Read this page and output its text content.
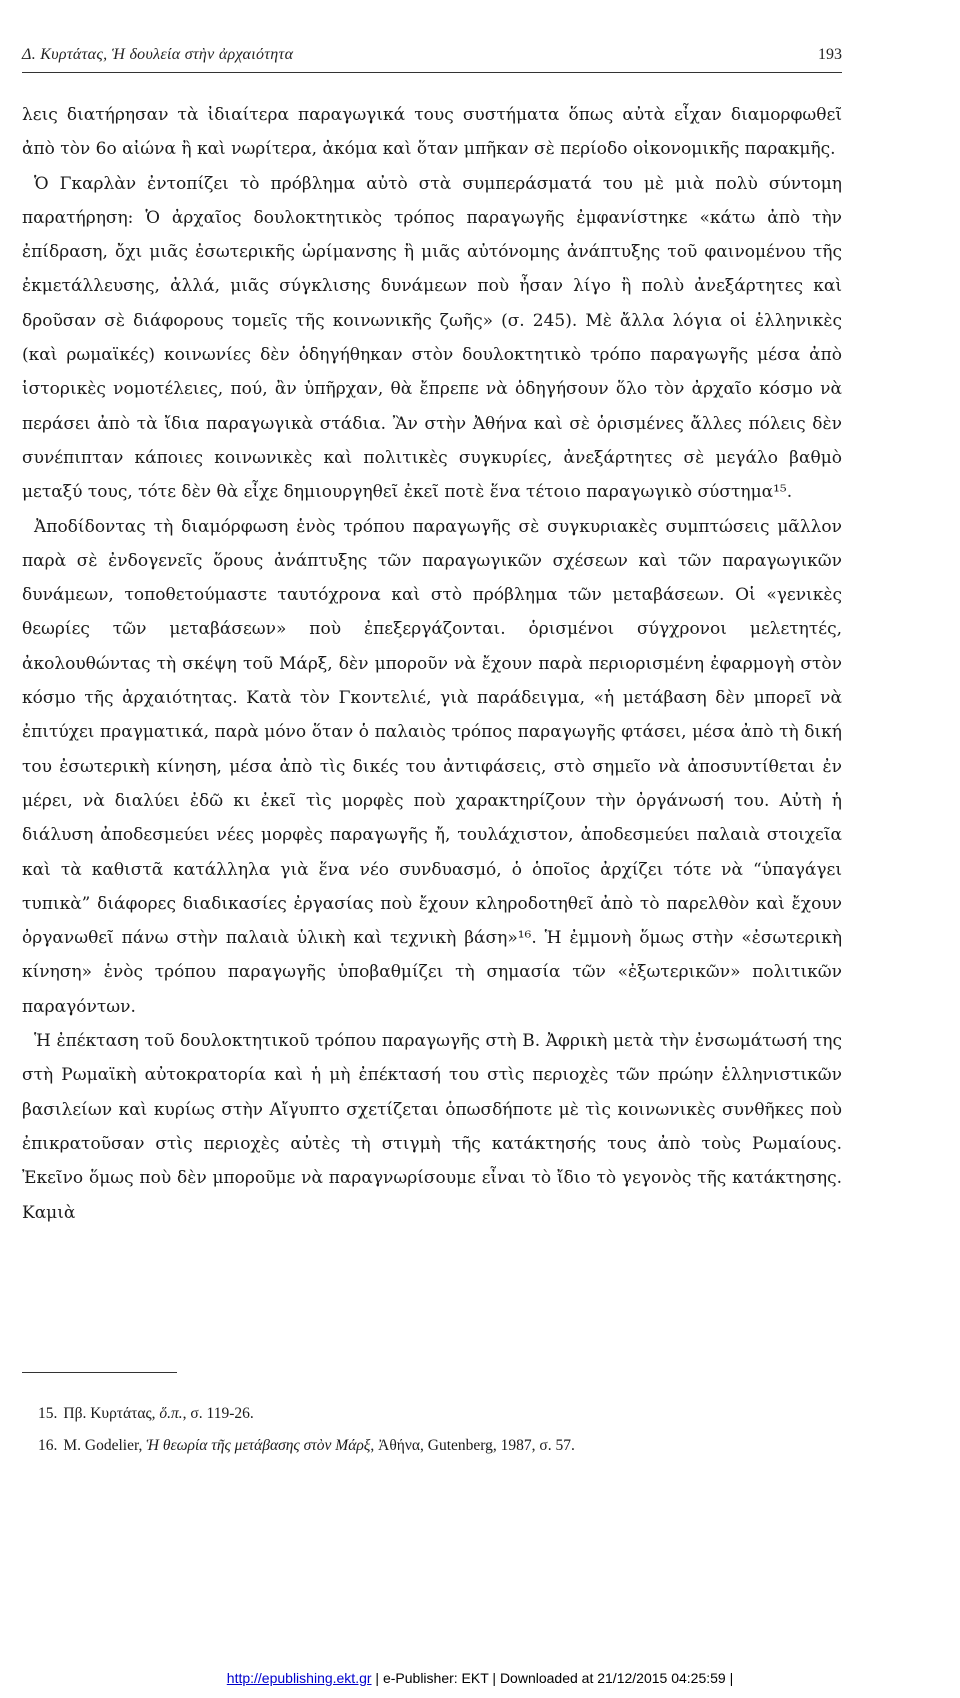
Δ. Κυρτάτας, Ἡ δουλεία στὴν ἀρχαιότητα	193

λεις διατήρησαν τὰ ἰδιαίτερα παραγωγικά τους συστήματα ὅπως αὐτὰ εἶχαν διαμορφωθεῖ ἀπὸ τὸν 6ο αἰώνα ἢ καὶ νωρίτερα, ἀκόμα καὶ ὅταν μπῆκαν σὲ περίοδο οἰκονομικῆς παρακμῆς.

Ὁ Γκαρλὰν ἐντοπίζει τὸ πρόβλημα αὐτὸ στὰ συμπεράσματά του μὲ μιὰ πολὺ σύντομη παρατήρηση: Ὁ ἀρχαῖος δουλοκτητικὸς τρόπος παραγωγῆς ἐμφανίστηκε «κάτω ἀπὸ τὴν ἐπίδραση, ὄχι μιᾶς ἐσωτερικῆς ὡρίμανσης ἢ μιᾶς αὐτόνομης ἀνάπτυξης τοῦ φαινομένου τῆς ἐκμετάλλευσης, ἀλλά, μιᾶς σύγκλισης δυνάμεων ποὺ ἦσαν λίγο ἢ πολὺ ἀνεξάρτητες καὶ δροῦσαν σὲ διάφορους τομεῖς τῆς κοινωνικῆς ζωῆς» (σ. 245). Μὲ ἄλλα λόγια οἱ ἑλληνικὲς (καὶ ρωμαϊκές) κοινωνίες δὲν ὁδηγήθηκαν στὸν δουλοκτητικὸ τρόπο παραγωγῆς μέσα ἀπὸ ἱστορικὲς νομοτέλειες, πού, ἂν ὑπῆρχαν, θὰ ἔπρεπε νὰ ὁδηγήσουν ὅλο τὸν ἀρχαῖο κόσμο νὰ περάσει ἀπὸ τὰ ἴδια παραγωγικὰ στάδια. Ἂν στὴν Ἀθήνα καὶ σὲ ὁρισμένες ἄλλες πόλεις δὲν συνέπιπταν κάποιες κοινωνικὲς καὶ πολιτικὲς συγκυρίες, ἀνεξάρτητες σὲ μεγάλο βαθμὸ μεταξύ τους, τότε δὲν θὰ εἶχε δημιουργηθεῖ ἐκεῖ ποτὲ ἕνα τέτοιο παραγωγικὸ σύστημα¹⁵.

Ἀποδίδοντας τὴ διαμόρφωση ἑνὸς τρόπου παραγωγῆς σὲ συγκυριακὲς συμπτώσεις μᾶλλον παρὰ σὲ ἐνδογενεῖς ὅρους ἀνάπτυξης τῶν παραγωγικῶν σχέσεων καὶ τῶν παραγωγικῶν δυνάμεων, τοποθετούμαστε ταυτόχρονα καὶ στὸ πρόβλημα τῶν μεταβάσεων. Οἱ «γενικὲς θεωρίες τῶν μεταβάσεων» ποὺ ἐπεξεργάζονται. ὁρισμένοι σύγχρονοι μελετητές, ἀκολουθώντας τὴ σκέψη τοῦ Μάρξ, δὲν μποροῦν νὰ ἔχουν παρὰ περιορισμένη ἐφαρμογὴ στὸν κόσμο τῆς ἀρχαιότητας. Κατὰ τὸν Γκοντελιέ, γιὰ παράδειγμα, «ἡ μετάβαση δὲν μπορεῖ νὰ ἐπιτύχει πραγματικά, παρὰ μόνο ὅταν ὁ παλαιὸς τρόπος παραγωγῆς φτάσει, μέσα ἀπὸ τὴ δική του ἐσωτερικὴ κίνηση, μέσα ἀπὸ τὶς δικές του ἀντιφάσεις, στὸ σημεῖο νὰ ἀποσυντίθεται ἐν μέρει, νὰ διαλύει ἐδῶ κι ἐκεῖ τὶς μορφὲς ποὺ χαρακτηρίζουν τὴν ὀργάνωσή του. Αὐτὴ ἡ διάλυση ἀποδεσμεύει νέες μορφὲς παραγωγῆς ἤ, τουλάχιστον, ἀποδεσμεύει παλαιὰ στοιχεῖα καὶ τὰ καθιστᾶ κατάλληλα γιὰ ἕνα νέο συνδυασμό, ὁ ὁποῖος ἀρχίζει τότε νὰ “ὑπαγάγει τυπικὰ” διάφορες διαδικασίες ἐργασίας ποὺ ἔχουν κληροδοτηθεῖ ἀπὸ τὸ παρελθὸν καὶ ἔχουν ὀργανωθεῖ πάνω στὴν παλαιὰ ὑλικὴ καὶ τεχνικὴ βάση»¹⁶. Ἡ ἐμμονὴ ὅμως στὴν «ἐσωτερικὴ κίνηση» ἑνὸς τρόπου παραγωγῆς ὑποβαθμίζει τὴ σημασία τῶν «ἐξωτερικῶν» πολιτικῶν παραγόντων.

Ἡ ἐπέκταση τοῦ δουλοκτητικοῦ τρόπου παραγωγῆς στὴ Β. Ἀφρικὴ μετὰ τὴν ἐνσωμάτωσή της στὴ Ρωμαϊκὴ αὐτοκρατορία καὶ ἡ μὴ ἐπέκτασή του στὶς περιοχὲς τῶν πρώην ἑλληνιστικῶν βασιλείων καὶ κυρίως στὴν Αἴγυπτο σχετίζεται ὁπωσδήποτε μὲ τὶς κοινωνικὲς συνθῆκες ποὺ ἐπικρατοῦσαν στὶς περιοχὲς αὐτὲς τὴ στιγμὴ τῆς κατάκτησής τους ἀπὸ τοὺς Ρωμαίους. Ἐκεῖνο ὅμως ποὺ δὲν μποροῦμε νὰ παραγνωρίσουμε εἶναι τὸ ἴδιο τὸ γεγονὸς τῆς κατάκτησης. Καμιὰ

15. Πβ. Κυρτάτας, ὅ.π., σ. 119-26.
16. M. Godelier, Ἡ θεωρία τῆς μετάβασης στὸν Μάρξ, Ἀθήνα, Gutenberg, 1987, σ. 57.
http://epublishing.ekt.gr | e-Publisher: EKT | Downloaded at 21/12/2015 04:25:59 |
